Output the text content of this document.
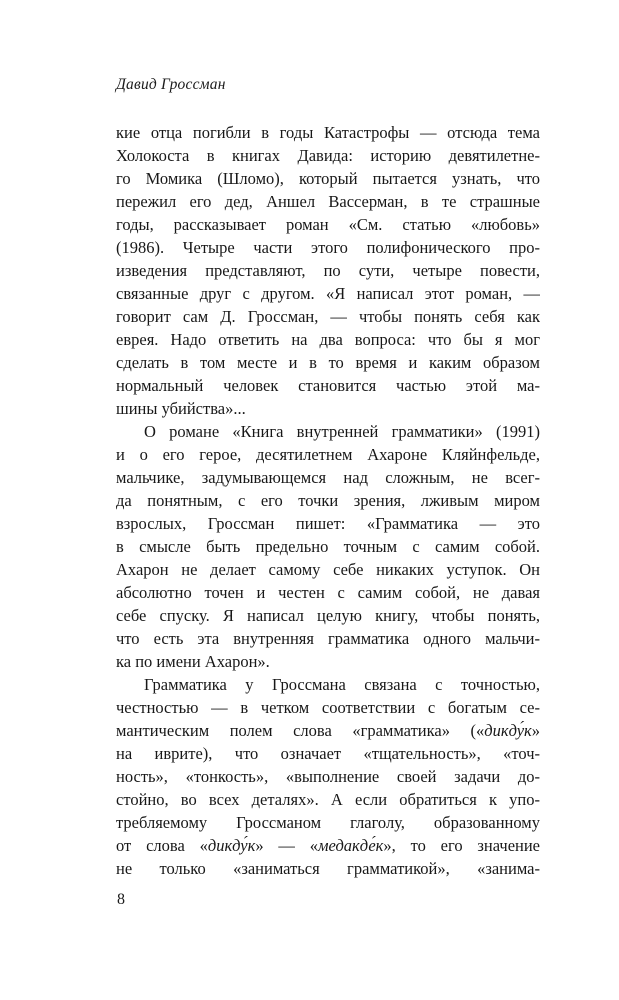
Давид Гроссман
кие отца погибли в годы Катастрофы — отсюда тема
Холокоста в книгах Давида: историю девятилетне-
го Момика (Шломо), который пытается узнать, что
пережил его дед, Аншел Вассерман, в те страшные
годы, рассказывает роман «См. статью «любовь»
(1986). Четыре части этого полифонического про-
изведения представляют, по сути, четыре повести,
связанные друг с другом. «Я написал этот роман, —
говорит сам Д. Гроссман, — чтобы понять себя как
еврея. Надо ответить на два вопроса: что бы я мог
сделать в том месте и в то время и каким образом
нормальный человек становится частью этой ма-
шины убийства»...
О романе «Книга внутренней грамматики» (1991)
и о его герое, десятилетнем Ахароне Кляйнфельде,
мальчике, задумывающемся над сложным, не всег-
да понятным, с его точки зрения, лживым миром
взрослых, Гроссман пишет: «Грамматика — это
в смысле быть предельно точным с самим собой.
Ахарон не делает самому себе никаких уступок. Он
абсолютно точен и честен с самим собой, не давая
себе спуску. Я написал целую книгу, чтобы понять,
что есть эта внутренняя грамматика одного мальчи-
ка по имени Ахарон».
Грамматика у Гроссмана связана с точностью,
честностью — в четком соответствии с богатым се-
мантическим полем слова «грамматика» («дикду́к»
на иврите), что означает «тщательность», «точ-
ность», «тонкость», «выполнение своей задачи до-
стойно, во всех деталях». А если обратиться к упо-
требляемому Гроссманом глаголу, образованному
от слова «дикду́к» — «медакде́к», то его значение
не только «заниматься грамматикой», «занима-
8
